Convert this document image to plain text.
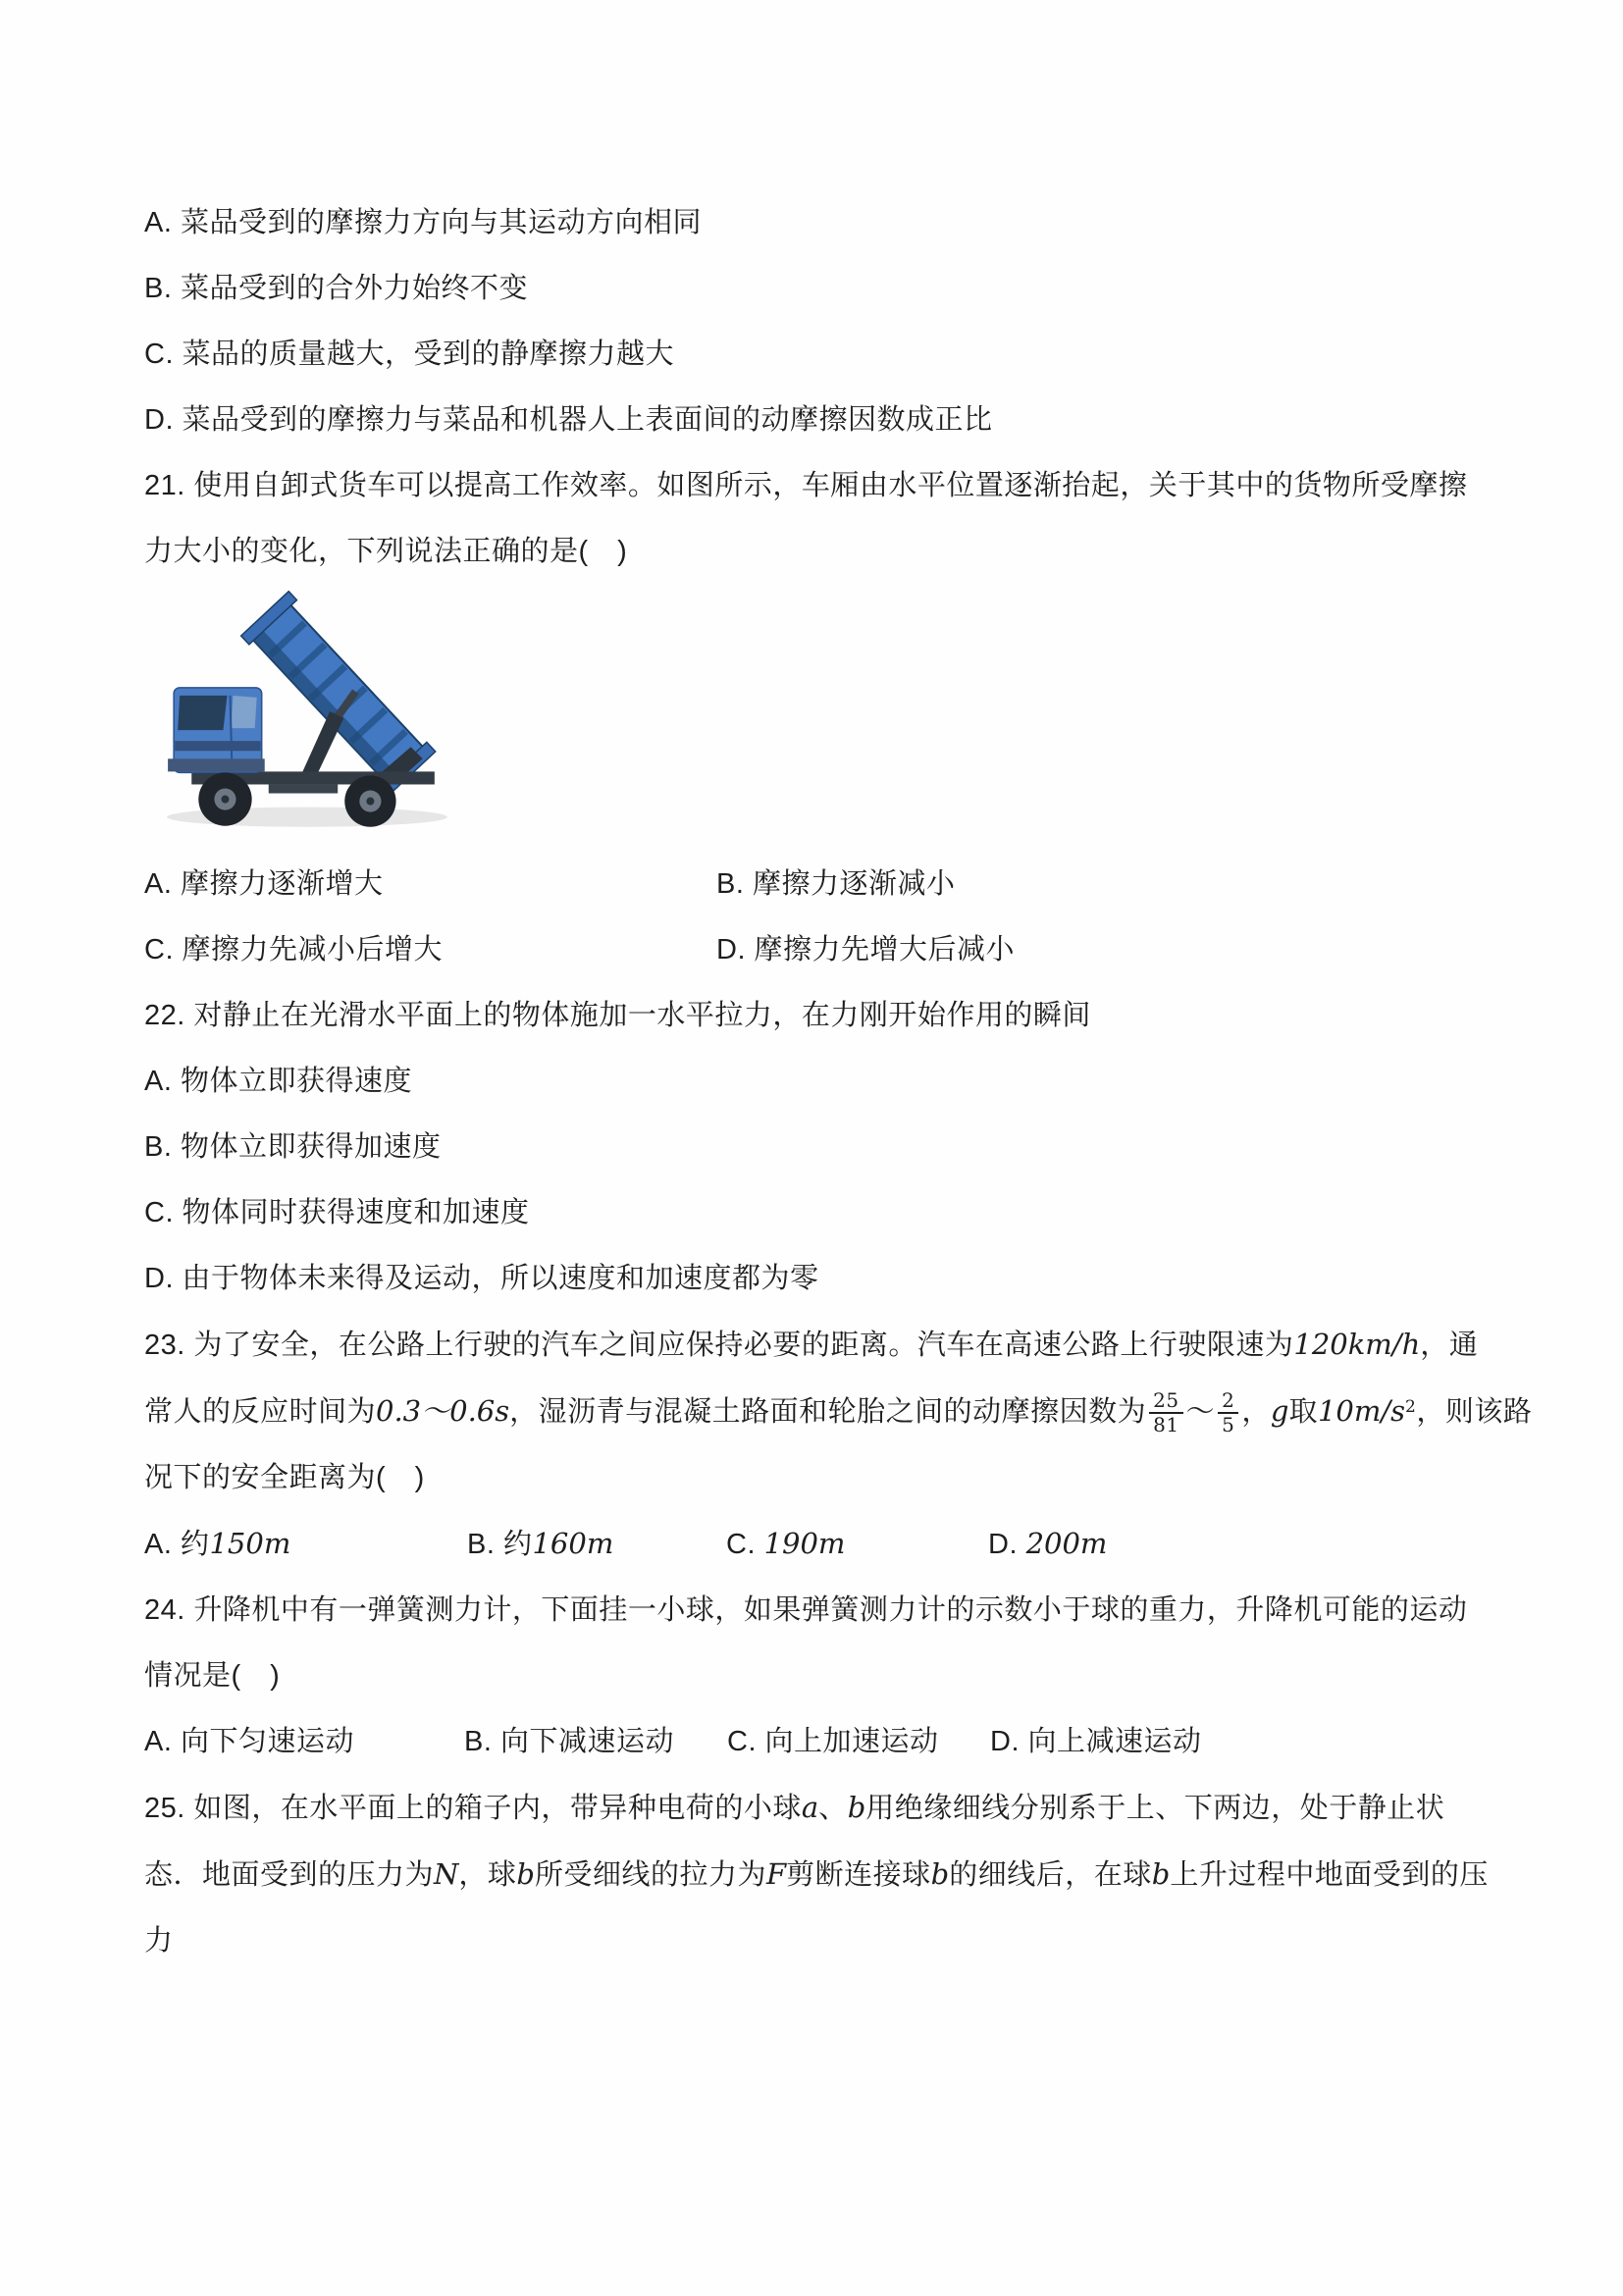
A. 菜品受到的摩擦力方向与其运动方向相同

B. 菜品受到的合外力始终不变

C. 菜品的质量越大，受到的静摩擦力越大

D. 菜品受到的摩擦力与菜品和机器人上表面间的动摩擦因数成正比

21. 使用自卸式货车可以提高工作效率。如图所示，车厢由水平位置逐渐抬起，关于其中的货物所受摩擦

力大小的变化，下列说法正确的是(　)

A. 摩擦力逐渐增大	B. 摩擦力逐渐减小
C. 摩擦力先减小后增大	D. 摩擦力先增大后减小

22. 对静止在光滑水平面上的物体施加一水平拉力，在力刚开始作用的瞬间

A. 物体立即获得速度

B. 物体立即获得加速度

C. 物体同时获得速度和加速度

D. 由于物体未来得及运动，所以速度和加速度都为零

23. 为了安全，在公路上行驶的汽车之间应保持必要的距离。汽车在高速公路上行驶限速为120km/h，通

常人的反应时间为0.3～0.6s，湿沥青与混凝土路面和轮胎之间的动摩擦因数为 $\frac{25}{81}$ ～ $\frac{2}{5}$ ，g取$10m/s^2$，则该路

况下的安全距离为(　)

A. 约150m	B. 约160m	C. 190m	D. 200m

24. 升降机中有一弹簧测力计，下面挂一小球，如果弹簧测力计的示数小于球的重力，升降机可能的运动

情况是(　)

A. 向下匀速运动	B. 向下减速运动	C. 向上加速运动	D. 向上减速运动

25. 如图，在水平面上的箱子内，带异种电荷的小球a、b用绝缘细线分别系于上、下两边，处于静止状

态．地面受到的压力为N，球b所受细线的拉力为F剪断连接球b的细线后，在球b上升过程中地面受到的压

力
